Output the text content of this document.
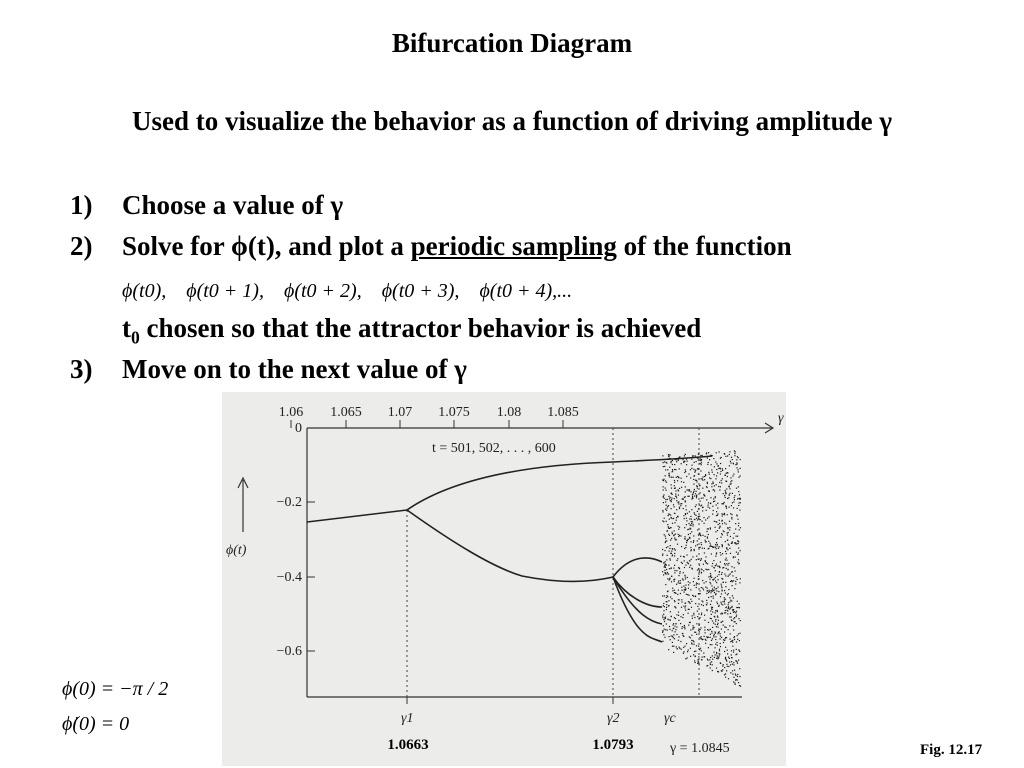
Bifurcation Diagram
Used to visualize the behavior as a function of driving amplitude γ
1) Choose a value of γ
2) Solve for ϕ(t), and plot a periodic sampling of the function
ϕ(t0), ϕ(t0 + 1), ϕ(t0 + 2), ϕ(t0 + 3), ϕ(t0 + 4),...
$t_0$ chosen so that the attractor behavior is achieved
3) Move on to the next value of γ
1.06 1.065 1.07 1.075 1.08 1.085	γ
0
−0.2
−0.4
−0.6
ϕ(t)
t = 501, 502, . . . , 600
γ1	γ2	γc
γ = 1.0845
1.0663	1.0793
ϕ(0) = −π / 2
ϕ̇(0) = 0
Fig. 12.17
